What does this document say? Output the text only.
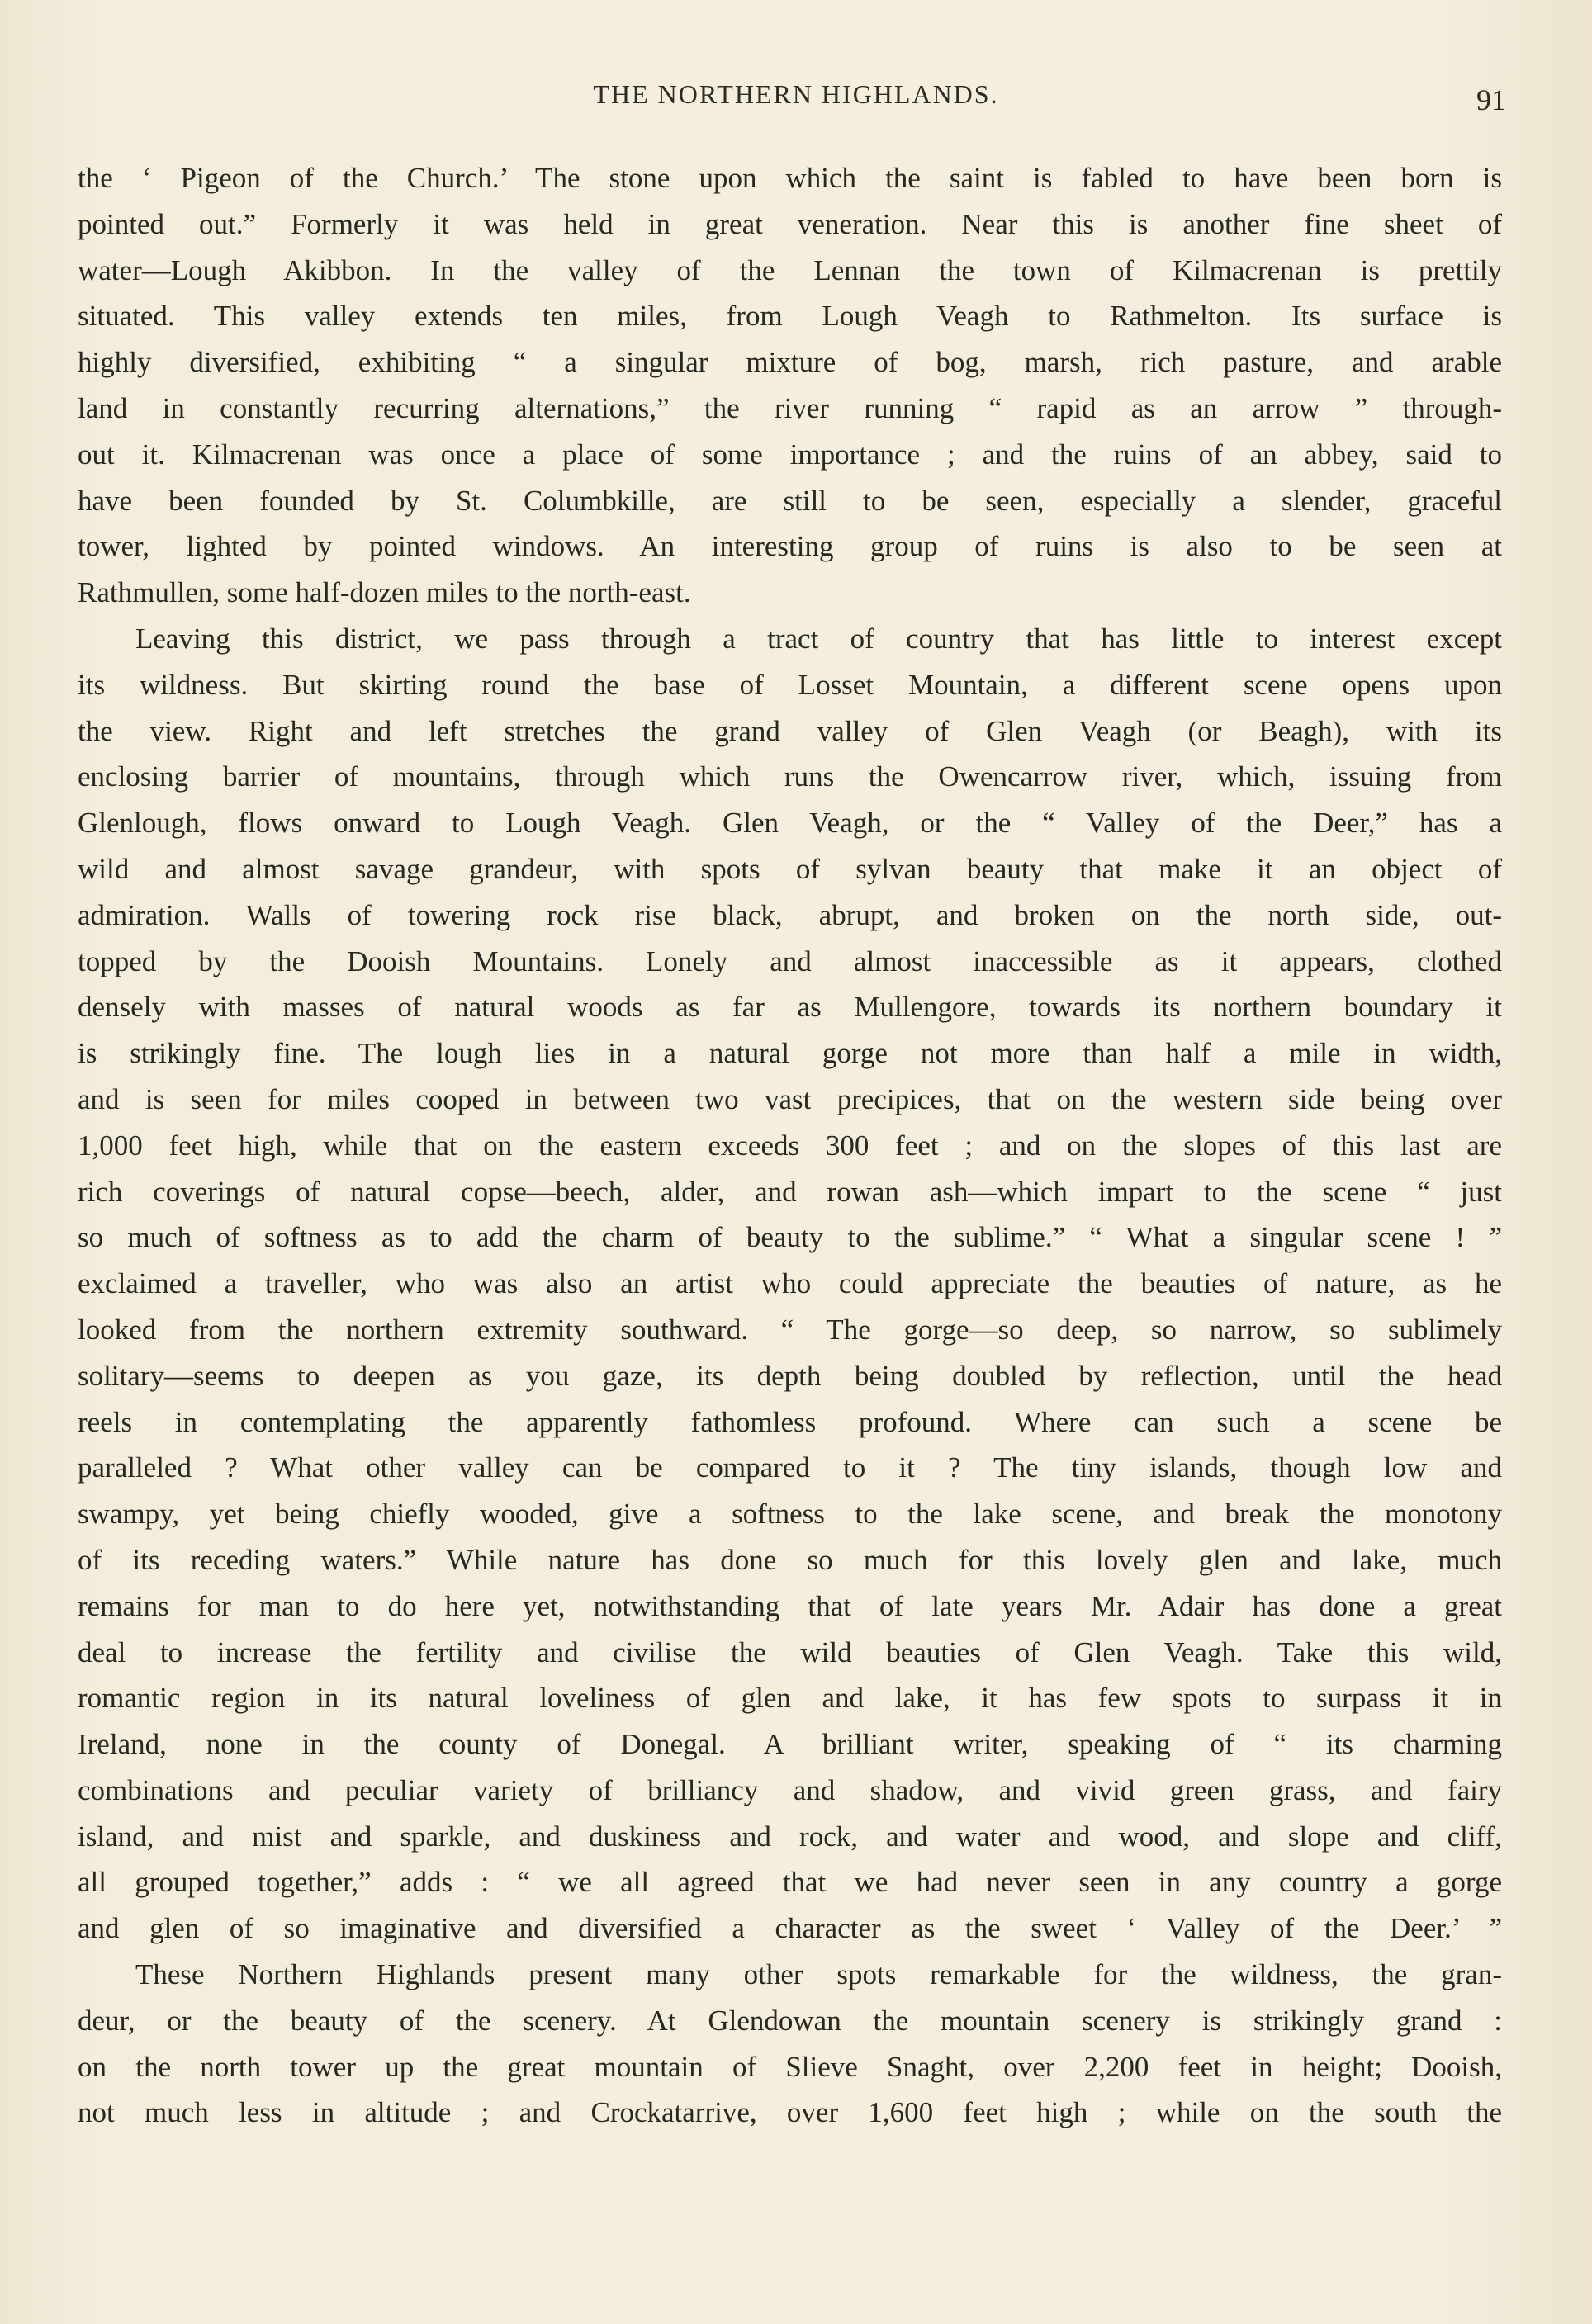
THE NORTHERN HIGHLANDS.	91
the ‘ Pigeon of the Church.’ The stone upon which the saint is fabled to have been born is
pointed out.” Formerly it was held in great veneration. Near this is another fine sheet of
water—Lough Akibbon. In the valley of the Lennan the town of Kilmacrenan is prettily
situated. This valley extends ten miles, from Lough Veagh to Rathmelton. Its surface is
highly diversified, exhibiting “ a singular mixture of bog, marsh, rich pasture, and arable
land in constantly recurring alternations,” the river running “ rapid as an arrow ” through-
out it. Kilmacrenan was once a place of some importance ; and the ruins of an abbey, said to
have been founded by St. Columbkille, are still to be seen, especially a slender, graceful
tower, lighted by pointed windows. An interesting group of ruins is also to be seen at
Rathmullen, some half-dozen miles to the north-east.
Leaving this district, we pass through a tract of country that has little to interest except
its wildness. But skirting round the base of Losset Mountain, a different scene opens upon
the view. Right and left stretches the grand valley of Glen Veagh (or Beagh), with its
enclosing barrier of mountains, through which runs the Owencarrow river, which, issuing from
Glenlough, flows onward to Lough Veagh. Glen Veagh, or the “ Valley of the Deer,” has a
wild and almost savage grandeur, with spots of sylvan beauty that make it an object of
admiration. Walls of towering rock rise black, abrupt, and broken on the north side, out-
topped by the Dooish Mountains. Lonely and almost inaccessible as it appears, clothed
densely with masses of natural woods as far as Mullengore, towards its northern boundary it
is strikingly fine. The lough lies in a natural gorge not more than half a mile in width,
and is seen for miles cooped in between two vast precipices, that on the western side being over
1,000 feet high, while that on the eastern exceeds 300 feet ; and on the slopes of this last are
rich coverings of natural copse—beech, alder, and rowan ash—which impart to the scene “ just
so much of softness as to add the charm of beauty to the sublime.” “ What a singular scene ! ”
exclaimed a traveller, who was also an artist who could appreciate the beauties of nature, as he
looked from the northern extremity southward. “ The gorge—so deep, so narrow, so sublimely
solitary—seems to deepen as you gaze, its depth being doubled by reflection, until the head
reels in contemplating the apparently fathomless profound. Where can such a scene be
paralleled ? What other valley can be compared to it ? The tiny islands, though low and
swampy, yet being chiefly wooded, give a softness to the lake scene, and break the monotony
of its receding waters.” While nature has done so much for this lovely glen and lake, much
remains for man to do here yet, notwithstanding that of late years Mr. Adair has done a great
deal to increase the fertility and civilise the wild beauties of Glen Veagh. Take this wild,
romantic region in its natural loveliness of glen and lake, it has few spots to surpass it in
Ireland, none in the county of Donegal. A brilliant writer, speaking of “ its charming
combinations and peculiar variety of brilliancy and shadow, and vivid green grass, and fairy
island, and mist and sparkle, and duskiness and rock, and water and wood, and slope and cliff,
all grouped together,” adds : “ we all agreed that we had never seen in any country a gorge
and glen of so imaginative and diversified a character as the sweet ‘ Valley of the Deer.’ ”
These Northern Highlands present many other spots remarkable for the wildness, the gran-
deur, or the beauty of the scenery. At Glendowan the mountain scenery is strikingly grand :
on the north tower up the great mountain of Slieve Snaght, over 2,200 feet in height; Dooish,
not much less in altitude ; and Crockatarrive, over 1,600 feet high ; while on the south the
